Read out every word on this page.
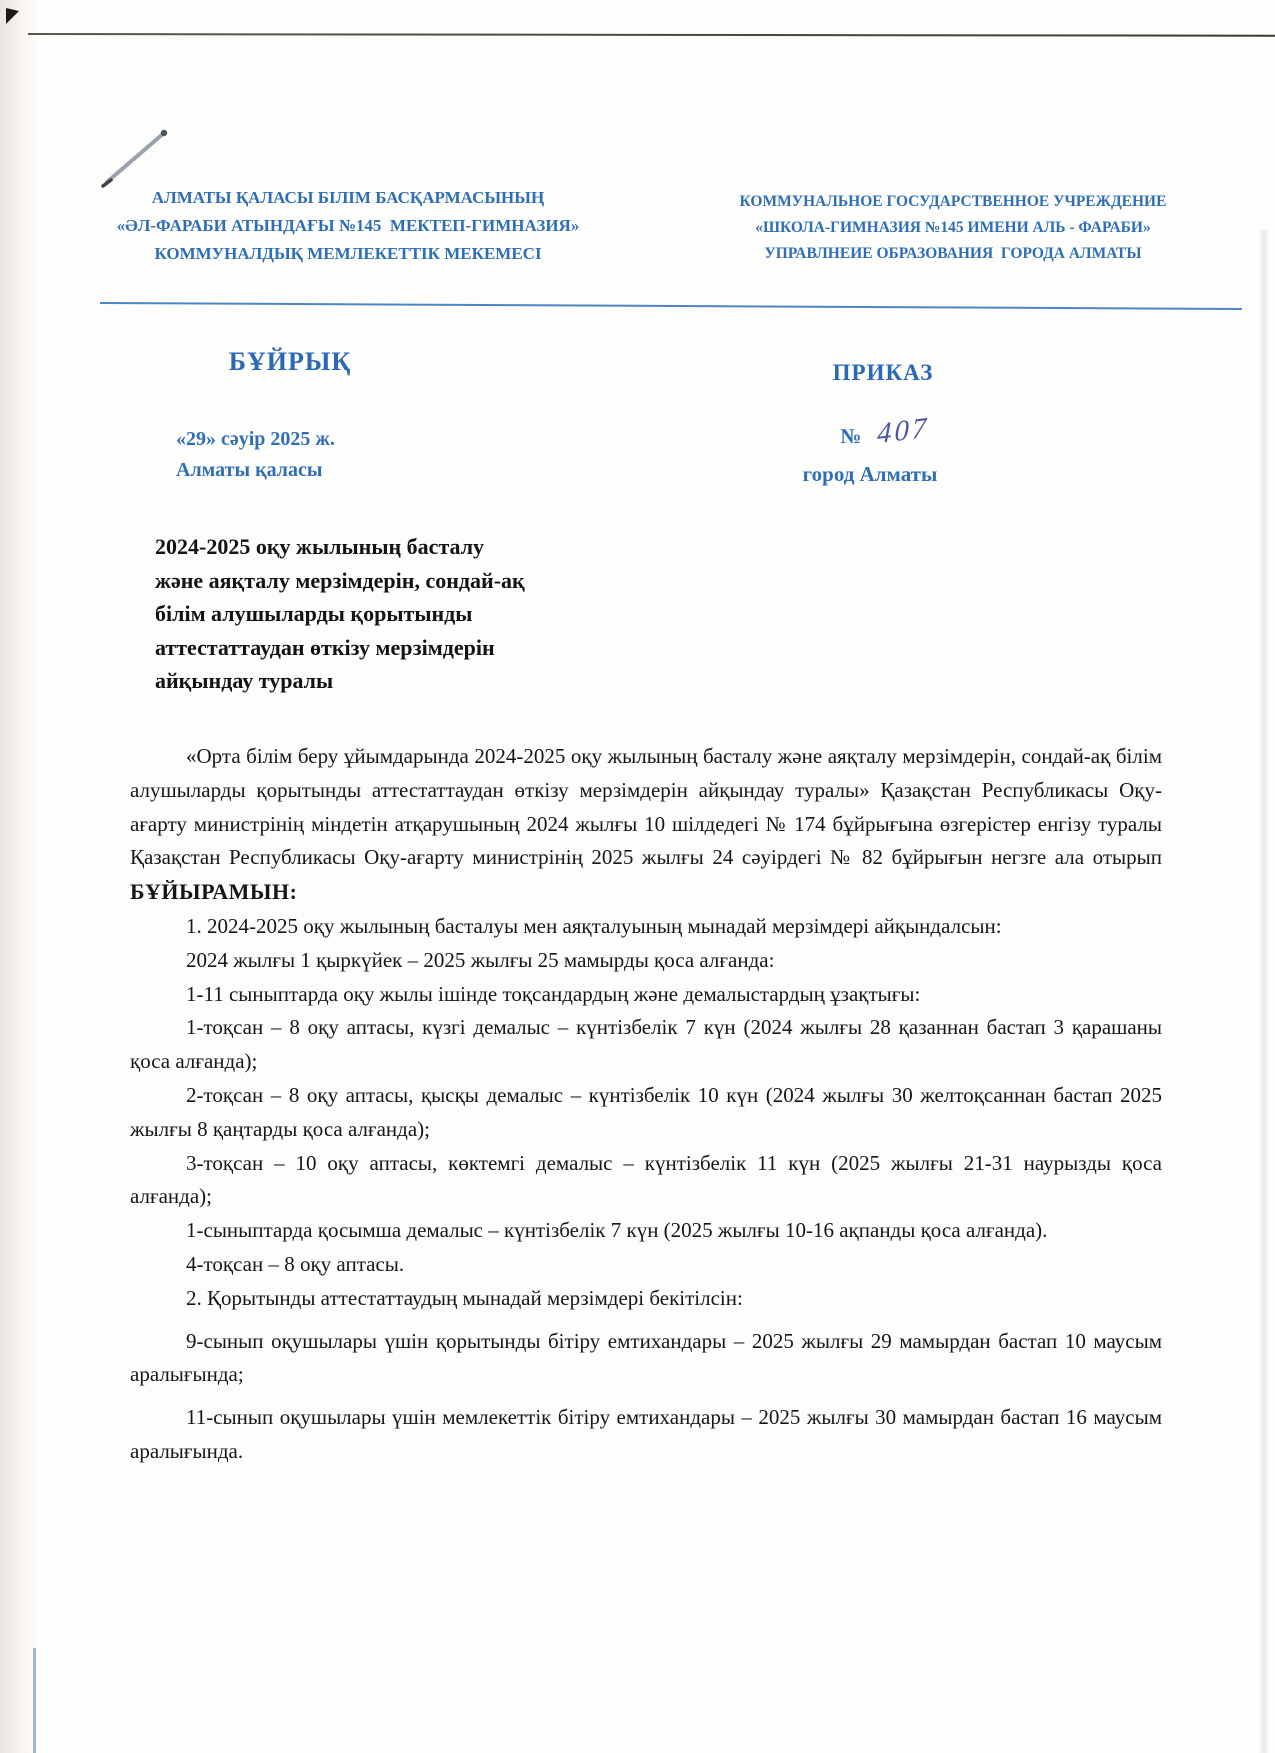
АЛМАТЫ ҚАЛАСЫ БІЛІМ БАСҚАРМАСЫНЫҢ
«ӘЛ-ФАРАБИ АТЫНДАҒЫ №145  МЕКТЕП-ГИМНАЗИЯ»
КОММУНАЛДЫҚ МЕМЛЕКЕТТІК МЕКЕМЕСІ
КОММУНАЛЬНОЕ ГОСУДАРСТВЕННОЕ УЧРЕЖДЕНИЕ
«ШКОЛА-ГИМНАЗИЯ №145 ИМЕНИ АЛЬ - ФАРАБИ»
УПРАВЛНЕИЕ ОБРАЗОВАНИЯ  ГОРОДА АЛМАТЫ
БҰЙРЫҚ	ПРИКАЗ
«29» сәуір 2025 ж.
Алматы қаласы
№ 407
город Алматы
2024-2025 оқу жылының басталу
және аяқталу мерзімдерін, сондай-ақ
білім алушыларды қорытынды
аттестаттаудан өткізу мерзімдерін
айқындау туралы

«Орта білім беру ұйымдарында 2024-2025 оқу жылының басталу және аяқталу мерзімдерін, сондай-ақ білім алушыларды қорытынды аттестаттаудан өткізу мерзімдерін айқындау туралы» Қазақстан Республикасы Оқу-ағарту министрінің міндетін атқарушының 2024 жылғы 10 шілдедегі № 174 бұйрығына өзгерістер енгізу туралы Қазақстан Республикасы Оқу-ағарту министрінің 2025 жылғы 24 сәуірдегі № 82 бұйрығын негзге ала отырып БҰЙЫРАМЫН:

1. 2024-2025 оқу жылының басталуы мен аяқталуының мынадай мерзімдері айқындалсын:

2024 жылғы 1 қыркүйек – 2025 жылғы 25 мамырды қоса алғанда:

1-11 сыныптарда оқу жылы ішінде тоқсандардың және демалыстардың ұзақтығы:

1-тоқсан – 8 оқу аптасы, күзгі демалыс – күнтізбелік 7 күн (2024 жылғы 28 қазаннан бастап 3 қарашаны қоса алғанда);

2-тоқсан – 8 оқу аптасы, қысқы демалыс – күнтізбелік 10 күн (2024 жылғы 30 желтоқсаннан бастап 2025 жылғы 8 қаңтарды қоса алғанда);

3-тоқсан – 10 оқу аптасы, көктемгі демалыс – күнтізбелік 11 күн (2025 жылғы 21-31 наурызды қоса алғанда);

1-сыныптарда қосымша демалыс – күнтізбелік 7 күн (2025 жылғы 10-16 ақпанды қоса алғанда).

4-тоқсан – 8 оқу аптасы.

2. Қорытынды аттестаттаудың мынадай мерзімдері бекітілсін:

9-сынып оқушылары үшін қорытынды бітіру емтихандары – 2025 жылғы 29 мамырдан бастап 10 маусым аралығында;

11-сынып оқушылары үшін мемлекеттік бітіру емтихандары – 2025 жылғы 30 мамырдан бастап 16 маусым аралығында.
